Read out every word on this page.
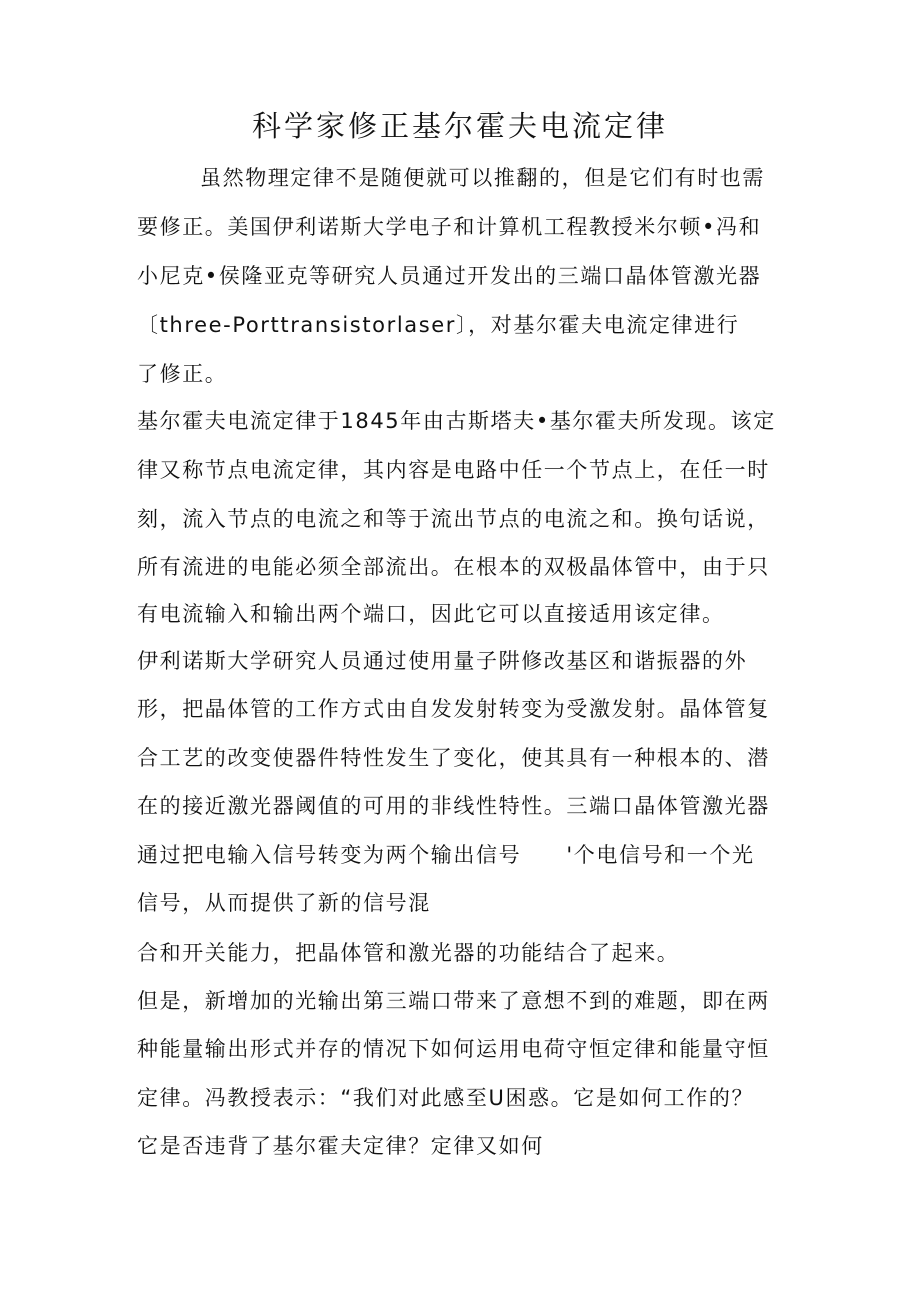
科学家修正基尔霍夫电流定律
虽然物理定律不是随便就可以推翻的，但是它们有时也需
要修正。美国伊利诺斯大学电子和计算机工程教授米尔顿•冯和
小尼克•侯隆亚克等研究人员通过开发出的三端口晶体管激光器
〔three-Porttransistorlaser〕，对基尔霍夫电流定律进行
了修正。
基尔霍夫电流定律于1845年由古斯塔夫•基尔霍夫所发现。该定
律又称节点电流定律，其内容是电路中任一个节点上，在任一时
刻，流入节点的电流之和等于流出节点的电流之和。换句话说，
所有流进的电能必须全部流出。在根本的双极晶体管中，由于只
有电流输入和输出两个端口，因此它可以直接适用该定律。
伊利诺斯大学研究人员通过使用量子阱修改基区和谐振器的外
形，把晶体管的工作方式由自发发射转变为受激发射。晶体管复
合工艺的改变使器件特性发生了变化，使其具有一种根本的、潜
在的接近激光器阈值的可用的非线性特性。三端口晶体管激光器
通过把电输入信号转变为两个输出信号　　'个电信号和一个光
信号，从而提供了新的信号混
合和开关能力，把晶体管和激光器的功能结合了起来。
但是，新增加的光输出第三端口带来了意想不到的难题，即在两
种能量输出形式并存的情况下如何运用电荷守恒定律和能量守恒
定律。冯教授表示：“我们对此感至U困惑。它是如何工作的？
它是否违背了基尔霍夫定律？定律又如何
